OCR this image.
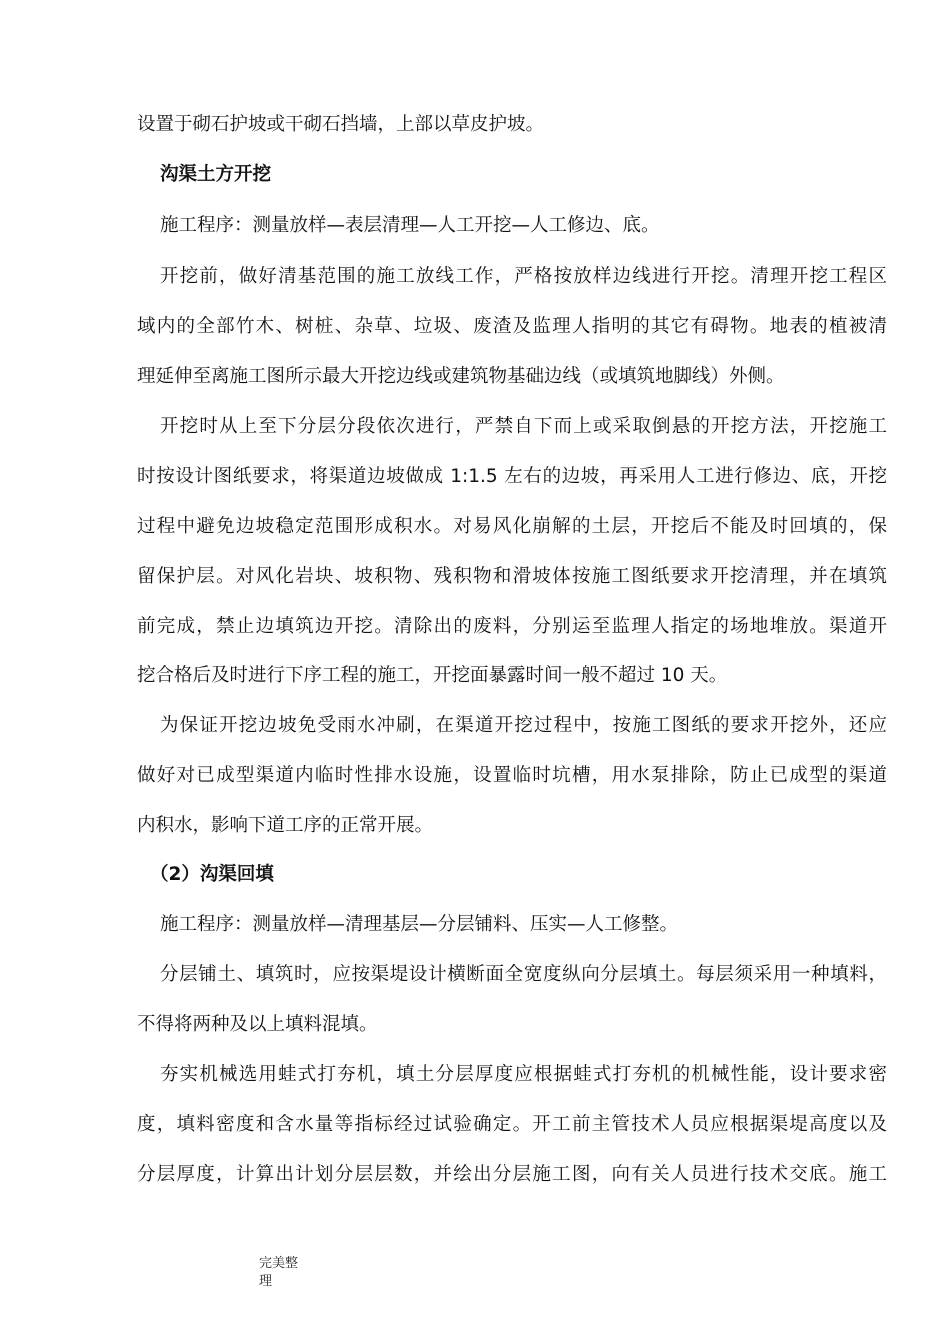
设置于砌石护坡或干砌石挡墙，上部以草皮护坡。
沟渠土方开挖
施工程序：测量放样—表层清理—人工开挖—人工修边、底。
开挖前，做好清基范围的施工放线工作，严格按放样边线进行开挖。清理开挖工程区
域内的全部竹木、树桩、杂草、垃圾、废渣及监理人指明的其它有碍物。地表的植被清
理延伸至离施工图所示最大开挖边线或建筑物基础边线（或填筑地脚线）外侧。
开挖时从上至下分层分段依次进行，严禁自下而上或采取倒悬的开挖方法，开挖施工
时按设计图纸要求，将渠道边坡做成 1:1.5 左右的边坡，再采用人工进行修边、底，开挖
过程中避免边坡稳定范围形成积水。对易风化崩解的土层，开挖后不能及时回填的，保
留保护层。对风化岩块、坡积物、残积物和滑坡体按施工图纸要求开挖清理，并在填筑
前完成，禁止边填筑边开挖。清除出的废料，分别运至监理人指定的场地堆放。渠道开
挖合格后及时进行下序工程的施工，开挖面暴露时间一般不超过 10 天。
为保证开挖边坡免受雨水冲刷，在渠道开挖过程中，按施工图纸的要求开挖外，还应
做好对已成型渠道内临时性排水设施，设置临时坑槽，用水泵排除，防止已成型的渠道
内积水，影响下道工序的正常开展。
（2）沟渠回填
施工程序：测量放样—清理基层—分层铺料、压实—人工修整。
分层铺土、填筑时，应按渠堤设计横断面全宽度纵向分层填土。每层须采用一种填料，
不得将两种及以上填料混填。
夯实机械选用蛙式打夯机，填土分层厚度应根据蛙式打夯机的机械性能，设计要求密
度，填料密度和含水量等指标经过试验确定。开工前主管技术人员应根据渠堤高度以及
分层厚度，计算出计划分层层数，并绘出分层施工图，向有关人员进行技术交底。施工
完美整
理
